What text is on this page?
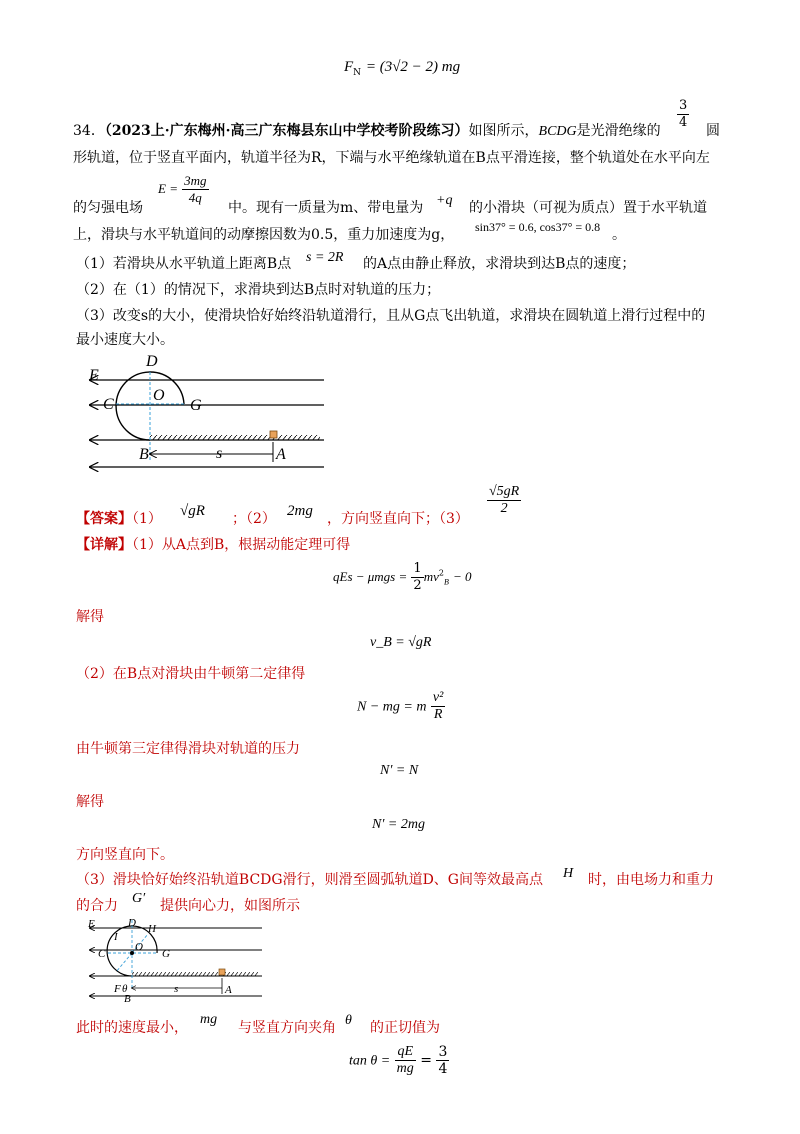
$F_N = (3√2 - 2)$ mg
34．（2023上·广东梅州·高三广东梅县东山中学校考阶段练习）如图所示，BCDG是光滑绝缘的 $\frac{3}{4}$ 圆
形轨道，位于竖直平面内，轨道半径为R，下端与水平绝缘轨道在B点平滑连接，整个轨道处在水平向左
的匀强电场
$E = \frac{3mg}{4q}$
中。现有一质量为m、带电量为 +q 的小滑块（可视为质点）置于水平轨道
上，滑块与水平轨道间的动摩擦因数为0.5，重力加速度为g， sin37° = 0.6, cos37° = 0.8 。
（1）若滑块从水平轨道上距离B点 s = 2R 的A点由静止释放，求滑块到达B点的速度；
（2）在（1）的情况下，求滑块到达B点时对轨道的压力；
（3）改变s的大小，使滑块恰好始终沿轨道滑行，且从G点飞出轨道，求滑块在圆轨道上滑行过程中的
最小速度大小。
D
E
C
O
G
B	s	A
【答案】（1） √gR ；（2） 2mg ，方向竖直向下；（3）
$\frac{√5gR}{2}$
【详解】（1）从A点到B，根据动能定理可得
qEs − $\mu mgs = \frac{1}{2} mv^2_B - 0$
解得
v_B = √gR
（2）在B点对滑块由牛顿第二定律得
N − mg = m $\frac{\text{v²}}{R}$
由牛顿第三定律得滑块对轨道的压力
N′ = N
解得
N′ = 2mg
方向竖直向下。
（3）滑块恰好始终沿轨道BCDG滑行，则滑至圆弧轨道D、G间等效最高点 H 时，由电场力和重力
的合力 G′ 提供向心力，如图所示
E	D H
I
O
C	G
F θ
B
s	A
此时的速度最小，
mg
与竖直方向夹角 θ 的正切值为
$\tan \theta = \frac{qE}{mg} = \frac{3}{4}$
